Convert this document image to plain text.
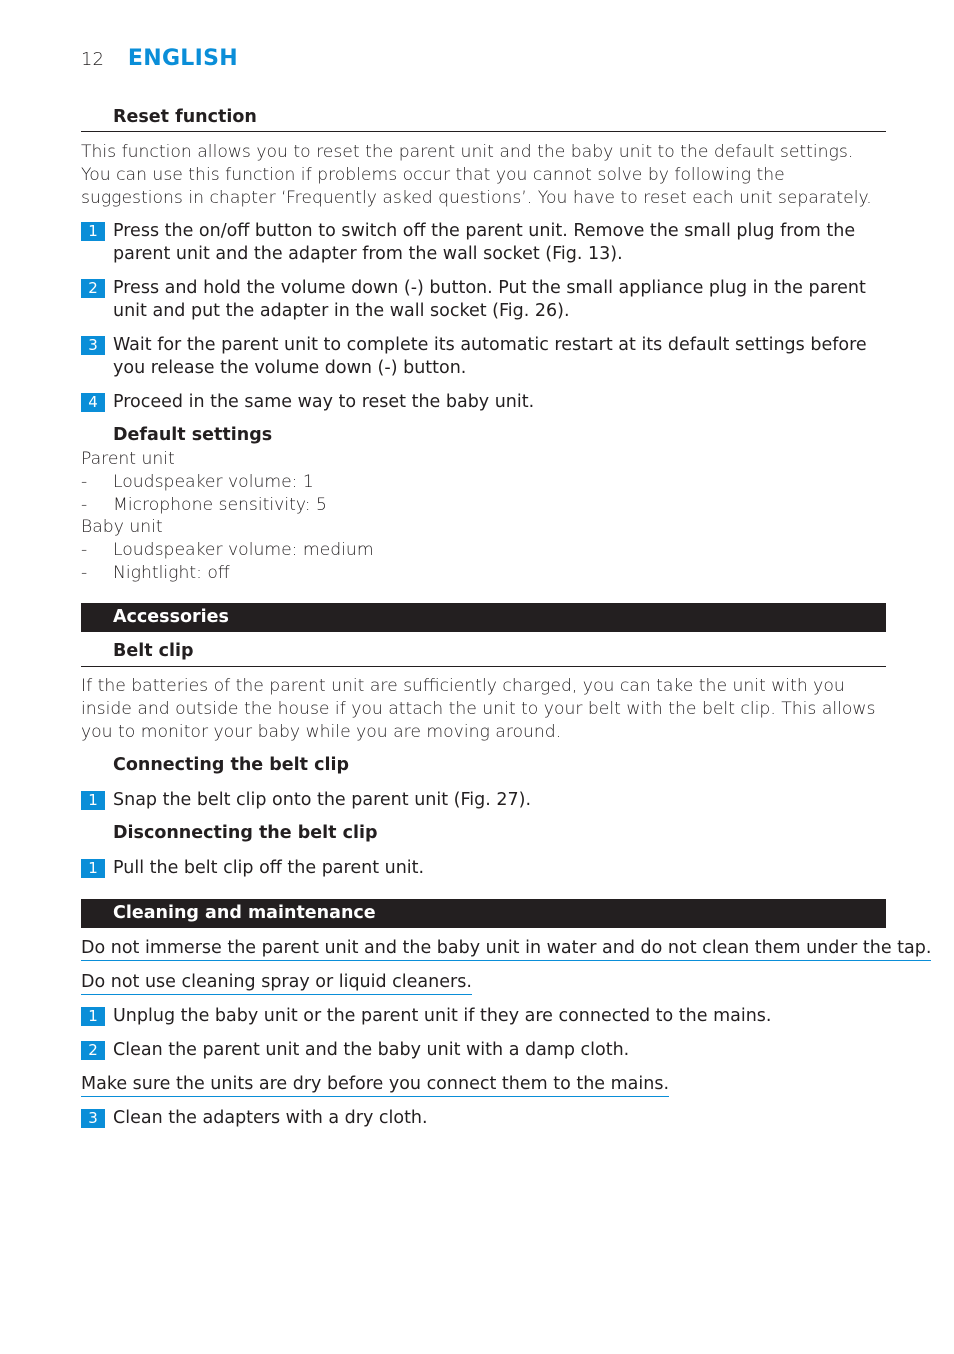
12 ENGLISH
Reset function
This function allows you to reset the parent unit and the baby unit to the default settings. You can use this function if problems occur that you cannot solve by following the suggestions in chapter ‘Frequently asked questions’. You have to reset each unit separately.
1 Press the on/off button to switch off the parent unit. Remove the small plug from the parent unit and the adapter from the wall socket (Fig. 13).
2 Press and hold the volume down (-) button. Put the small appliance plug in the parent unit and put the adapter in the wall socket (Fig. 26).
3 Wait for the parent unit to complete its automatic restart at its default settings before you release the volume down (-) button.
4 Proceed in the same way to reset the baby unit.
Default settings
Parent unit
-	Loudspeaker volume: 1
-	Microphone sensitivity: 5
Baby unit
-	Loudspeaker volume: medium
-	Nightlight: off
Accessories
Belt clip
If the batteries of the parent unit are sufficiently charged, you can take the unit with you inside and outside the house if you attach the unit to your belt with the belt clip. This allows you to monitor your baby while you are moving around.
Connecting the belt clip
1 Snap the belt clip onto the parent unit (Fig. 27).
Disconnecting the belt clip
1 Pull the belt clip off the parent unit.
Cleaning and maintenance
Do not immerse the parent unit and the baby unit in water and do not clean them under the tap.
Do not use cleaning spray or liquid cleaners.
1 Unplug the baby unit or the parent unit if they are connected to the mains.
2 Clean the parent unit and the baby unit with a damp cloth.
Make sure the units are dry before you connect them to the mains.
3 Clean the adapters with a dry cloth.
